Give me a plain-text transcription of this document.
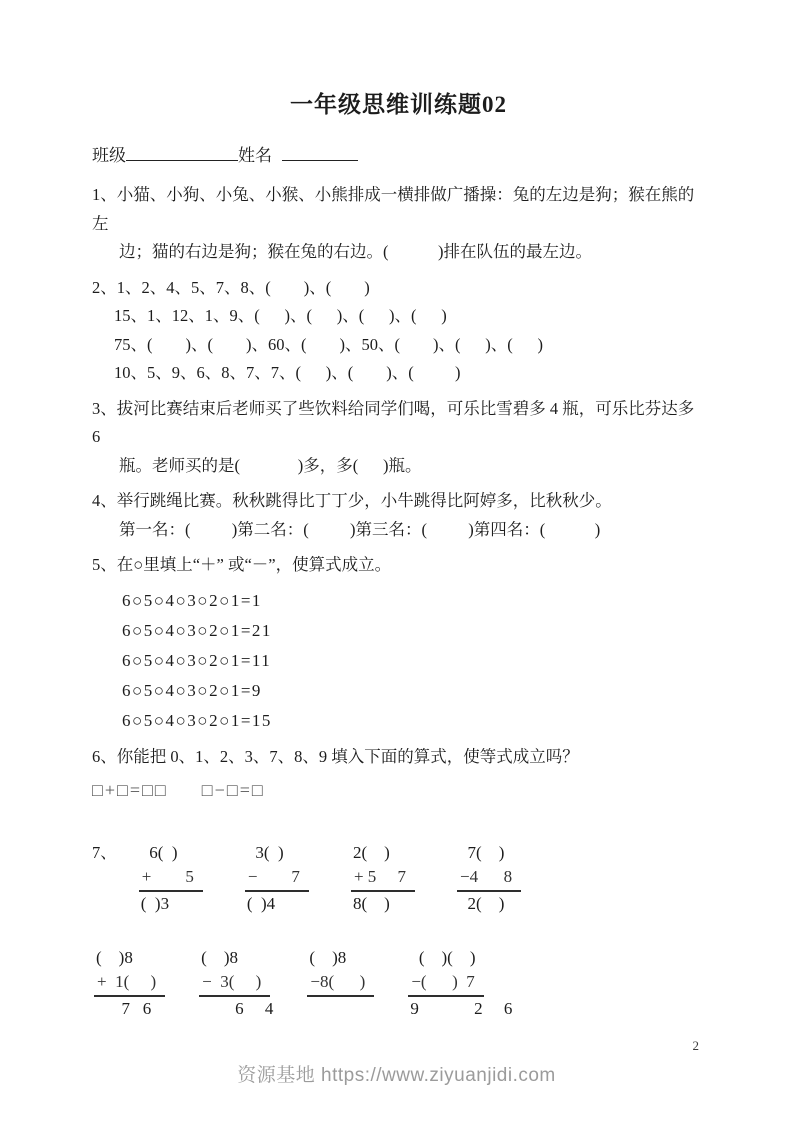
一年级思维训练题02
班级	姓名

1、小猫、小狗、小兔、小猴、小熊排成一横排做广播操：兔的左边是狗；猴在熊的左

边；猫的右边是狗；猴在兔的右边。(            )排在队伍的最左边。

2、1、2、4、5、7、8、(        )、(        )

15、1、12、1、9、(      )、(      )、(      )、(      )

75、(        )、(        )、60、(        )、50、(        )、(      )、(      )

10、5、9、6、8、7、7、(      )、(        )、(          )

3、拔河比赛结束后老师买了些饮料给同学们喝，可乐比雪碧多 4 瓶，可乐比芬达多 6

瓶。老师买的是(              )多，多(      )瓶。

4、举行跳绳比赛。秋秋跳得比丁丁少，小牛跳得比阿婷多，比秋秋少。

第一名：(          )第二名：(          )第三名：(          )第四名：(            )

5、在○里填上“＋” 或“－”，使算式成立。

6○5○4○3○2○1=1
6○5○4○3○2○1=21
6○5○4○3○2○1=11
6○5○4○3○2○1=9
6○5○4○3○2○1=15

6、你能把 0、1、2、3、7、8、9 填入下面的算式，使等式成立吗？

□+□=□□ □−□=□
7、 6(  )
+        5
(  )3
3(  )
−        7
(  )4
2(    )
+ 5     7
8(    )
7(    )
−4      8
2(    )
(    )8
+  1(     )
7   6
(    )8
−  3(     )
6     4
(    )8
−8(      )

(    )(    )
−(      )  7
9             2     6
2
资源基地 https://www.ziyuanjidi.com
